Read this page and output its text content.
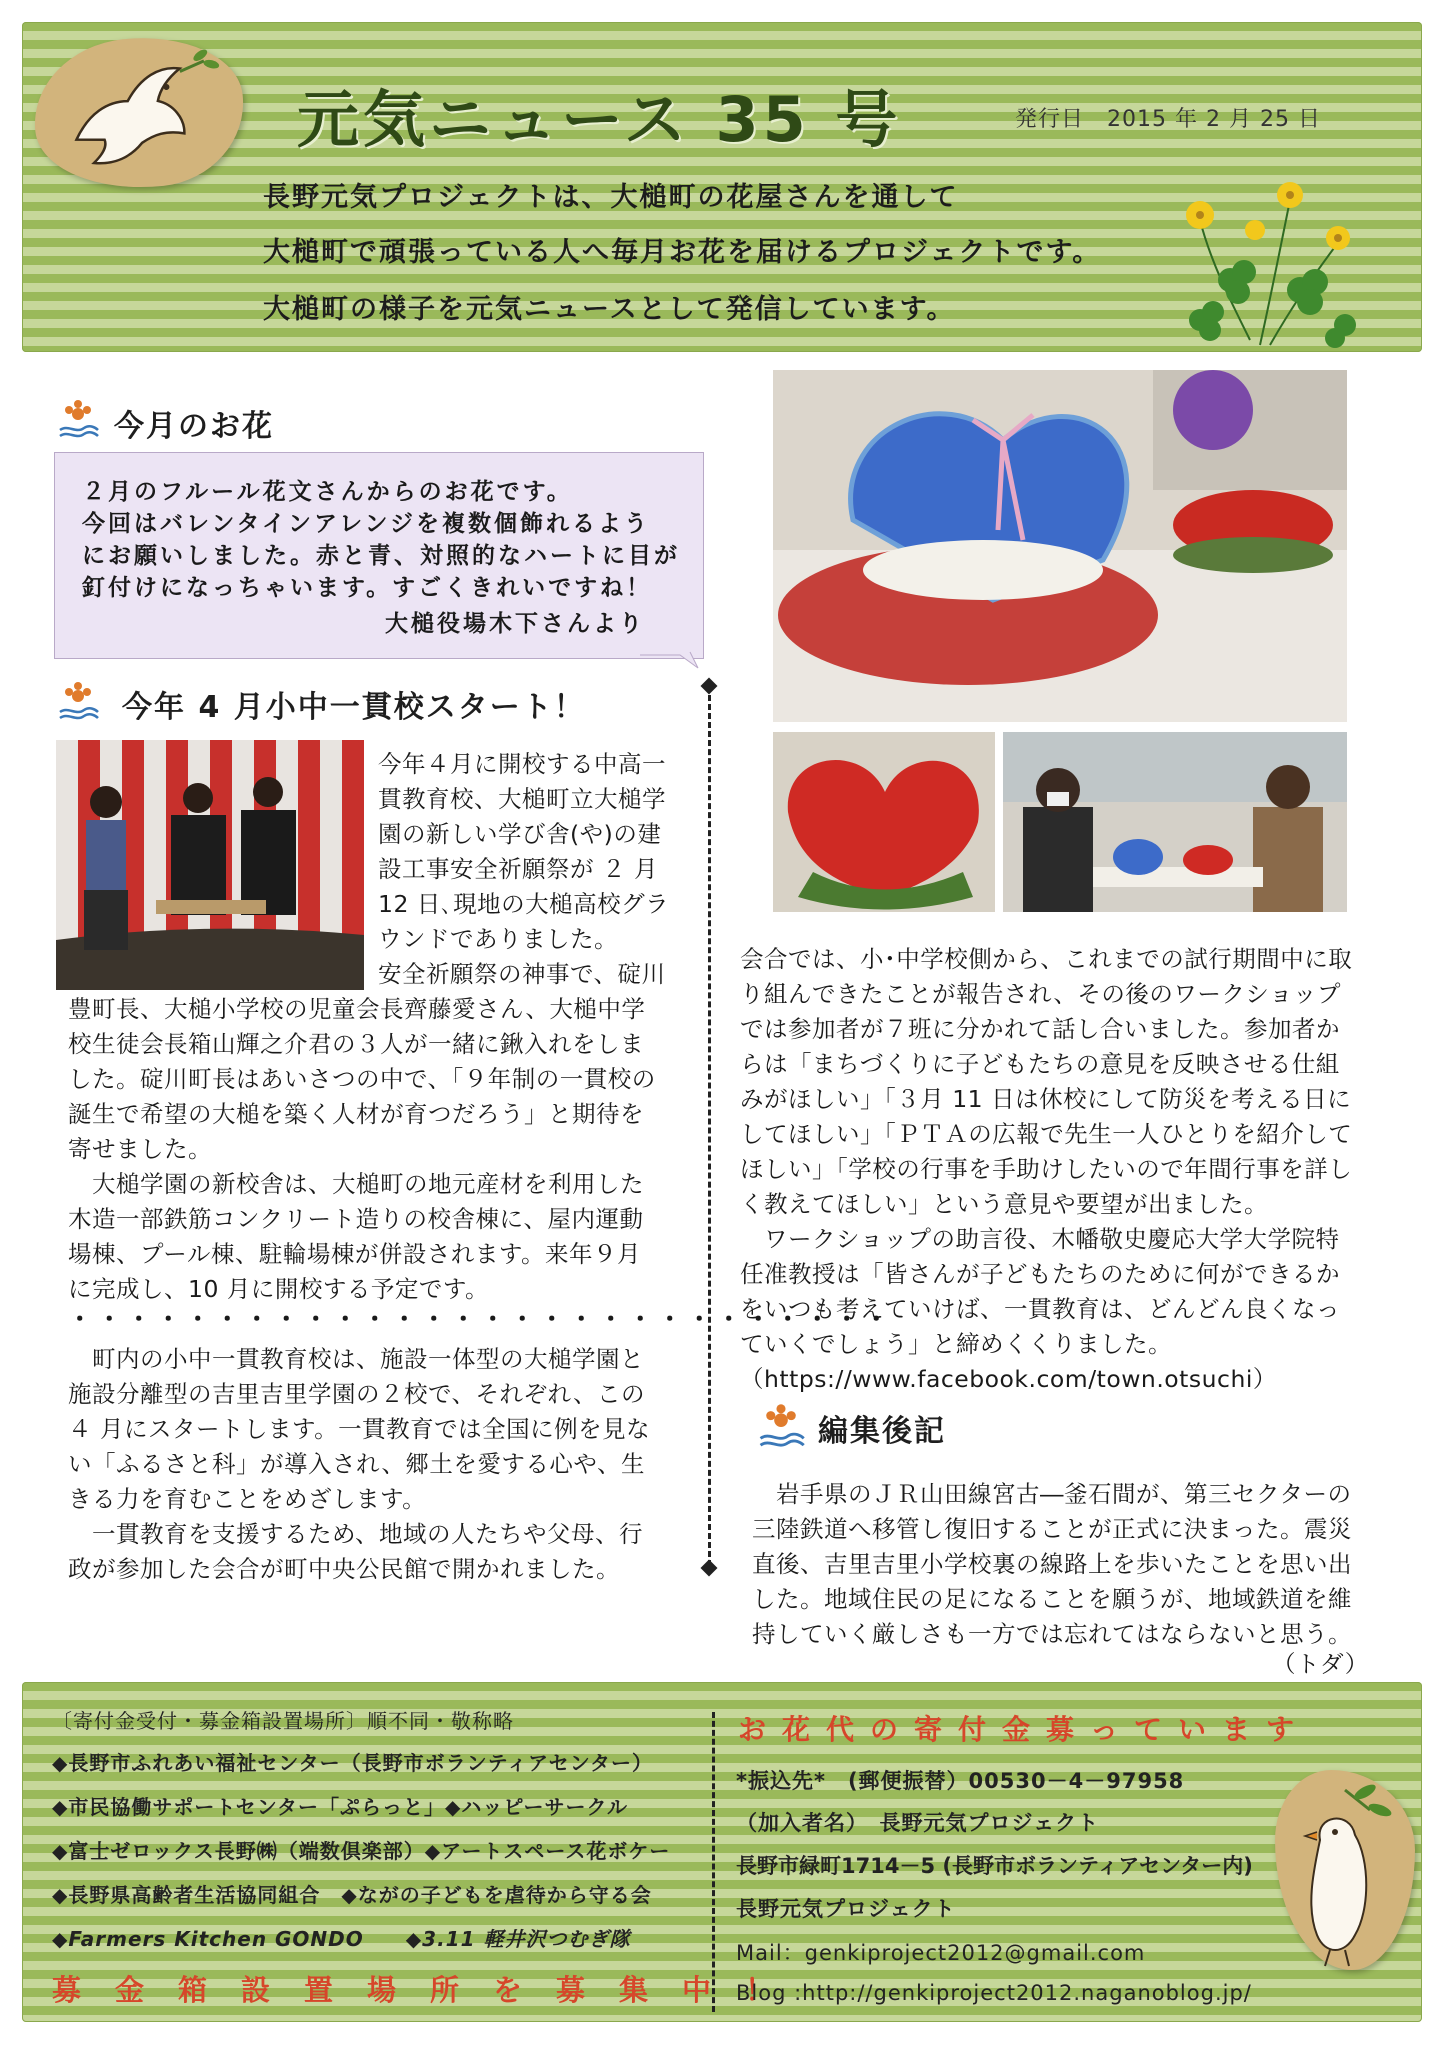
元気ニュース 35 号	発行日　2015 年 2 月 25 日
長野元気プロジェクトは、大槌町の花屋さんを通して
大槌町で頑張っている人へ毎月お花を届けるプロジェクトです。
大槌町の様子を元気ニュースとして発信しています。
今月のお花
２月のフルール花文さんからのお花です。
今回はバレンタインアレンジを複数個飾れるよう
にお願いしました。赤と青、対照的なハートに目が
釘付けになっちゃいます。すごくきれいですね！
大槌役場木下さんより
今年 4 月小中一貫校スタート！
今年４月に開校する中高一
貫教育校、大槌町立大槌学
園の新しい学び舎(や)の建
設工事安全祈願祭が ２ 月
12 日､現地の大槌高校グラ
ウンドでありました。
安全祈願祭の神事で、碇川
豊町長、大槌小学校の児童会長齊藤愛さん、大槌中学
校生徒会長箱山輝之介君の３人が一緒に鍬入れをしま
した。碇川町長はあいさつの中で、「９年制の一貫校の
誕生で希望の大槌を築く人材が育つだろう」と期待を
寄せました。
　大槌学園の新校舎は、大槌町の地元産材を利用した
木造一部鉄筋コンクリート造りの校舎棟に、屋内運動
場棟、プール棟、駐輪場棟が併設されます。来年９月
に完成し、10 月に開校する予定です。
・・・・・・・・・・・・・・・・・・・・・・・・・・・・
　町内の小中一貫教育校は、施設一体型の大槌学園と
施設分離型の吉里吉里学園の２校で、それぞれ、この
４ 月にスタートします。一貫教育では全国に例を見な
い「ふるさと科」が導入され、郷土を愛する心や、生
きる力を育むことをめざします。
　一貫教育を支援するため、地域の人たちや父母、行
政が参加した会合が町中央公民館で開かれました。
会合では、小･中学校側から、これまでの試行期間中に取
り組んできたことが報告され、その後のワークショップ
では参加者が７班に分かれて話し合いました。参加者か
らは「まちづくりに子どもたちの意見を反映させる仕組
みがほしい」「３月 11 日は休校にして防災を考える日に
してほしい」「ＰＴＡの広報で先生一人ひとりを紹介して
ほしい」「学校の行事を手助けしたいので年間行事を詳し
く教えてほしい」という意見や要望が出ました。
　ワークショップの助言役、木幡敬史慶応大学大学院特
任准教授は「皆さんが子どもたちのために何ができるか
をいつも考えていけば、一貫教育は、どんどん良くなっ
ていくでしょう」と締めくくりました。
（https://www.facebook.com/town.otsuchi）
編集後記
　岩手県のＪＲ山田線宮古―釜石間が、第三セクターの
三陸鉄道へ移管し復旧することが正式に決まった。震災
直後、吉里吉里小学校裏の線路上を歩いたことを思い出
した。地域住民の足になることを願うが、地域鉄道を維
持していく厳しさも一方では忘れてはならないと思う。
（トダ）
〔寄付金受付・募金箱設置場所〕順不同・敬称略
◆長野市ふれあい福祉センター（長野市ボランティアセンター）
◆市民協働サポートセンター「ぷらっと」◆ハッピーサークル
◆富士ゼロックス長野㈱（端数倶楽部）◆アートスペース花ボケー
◆長野県高齢者生活協同組合　◆ながの子どもを虐待から守る会
◆Farmers Kitchen GONDO　　◆3.11 軽井沢つむぎ隊
募金箱設置場所を募集中！
お花代の寄付金募っています
*振込先*　(郵便振替）00530－4－97958
（加入者名）　長野元気プロジェクト
長野市緑町1714－5 (長野市ボランティアセンター内)
長野元気プロジェクト
Mail：genkiproject2012@gmail.com
Blog :http://genkiproject2012.naganoblog.jp/
